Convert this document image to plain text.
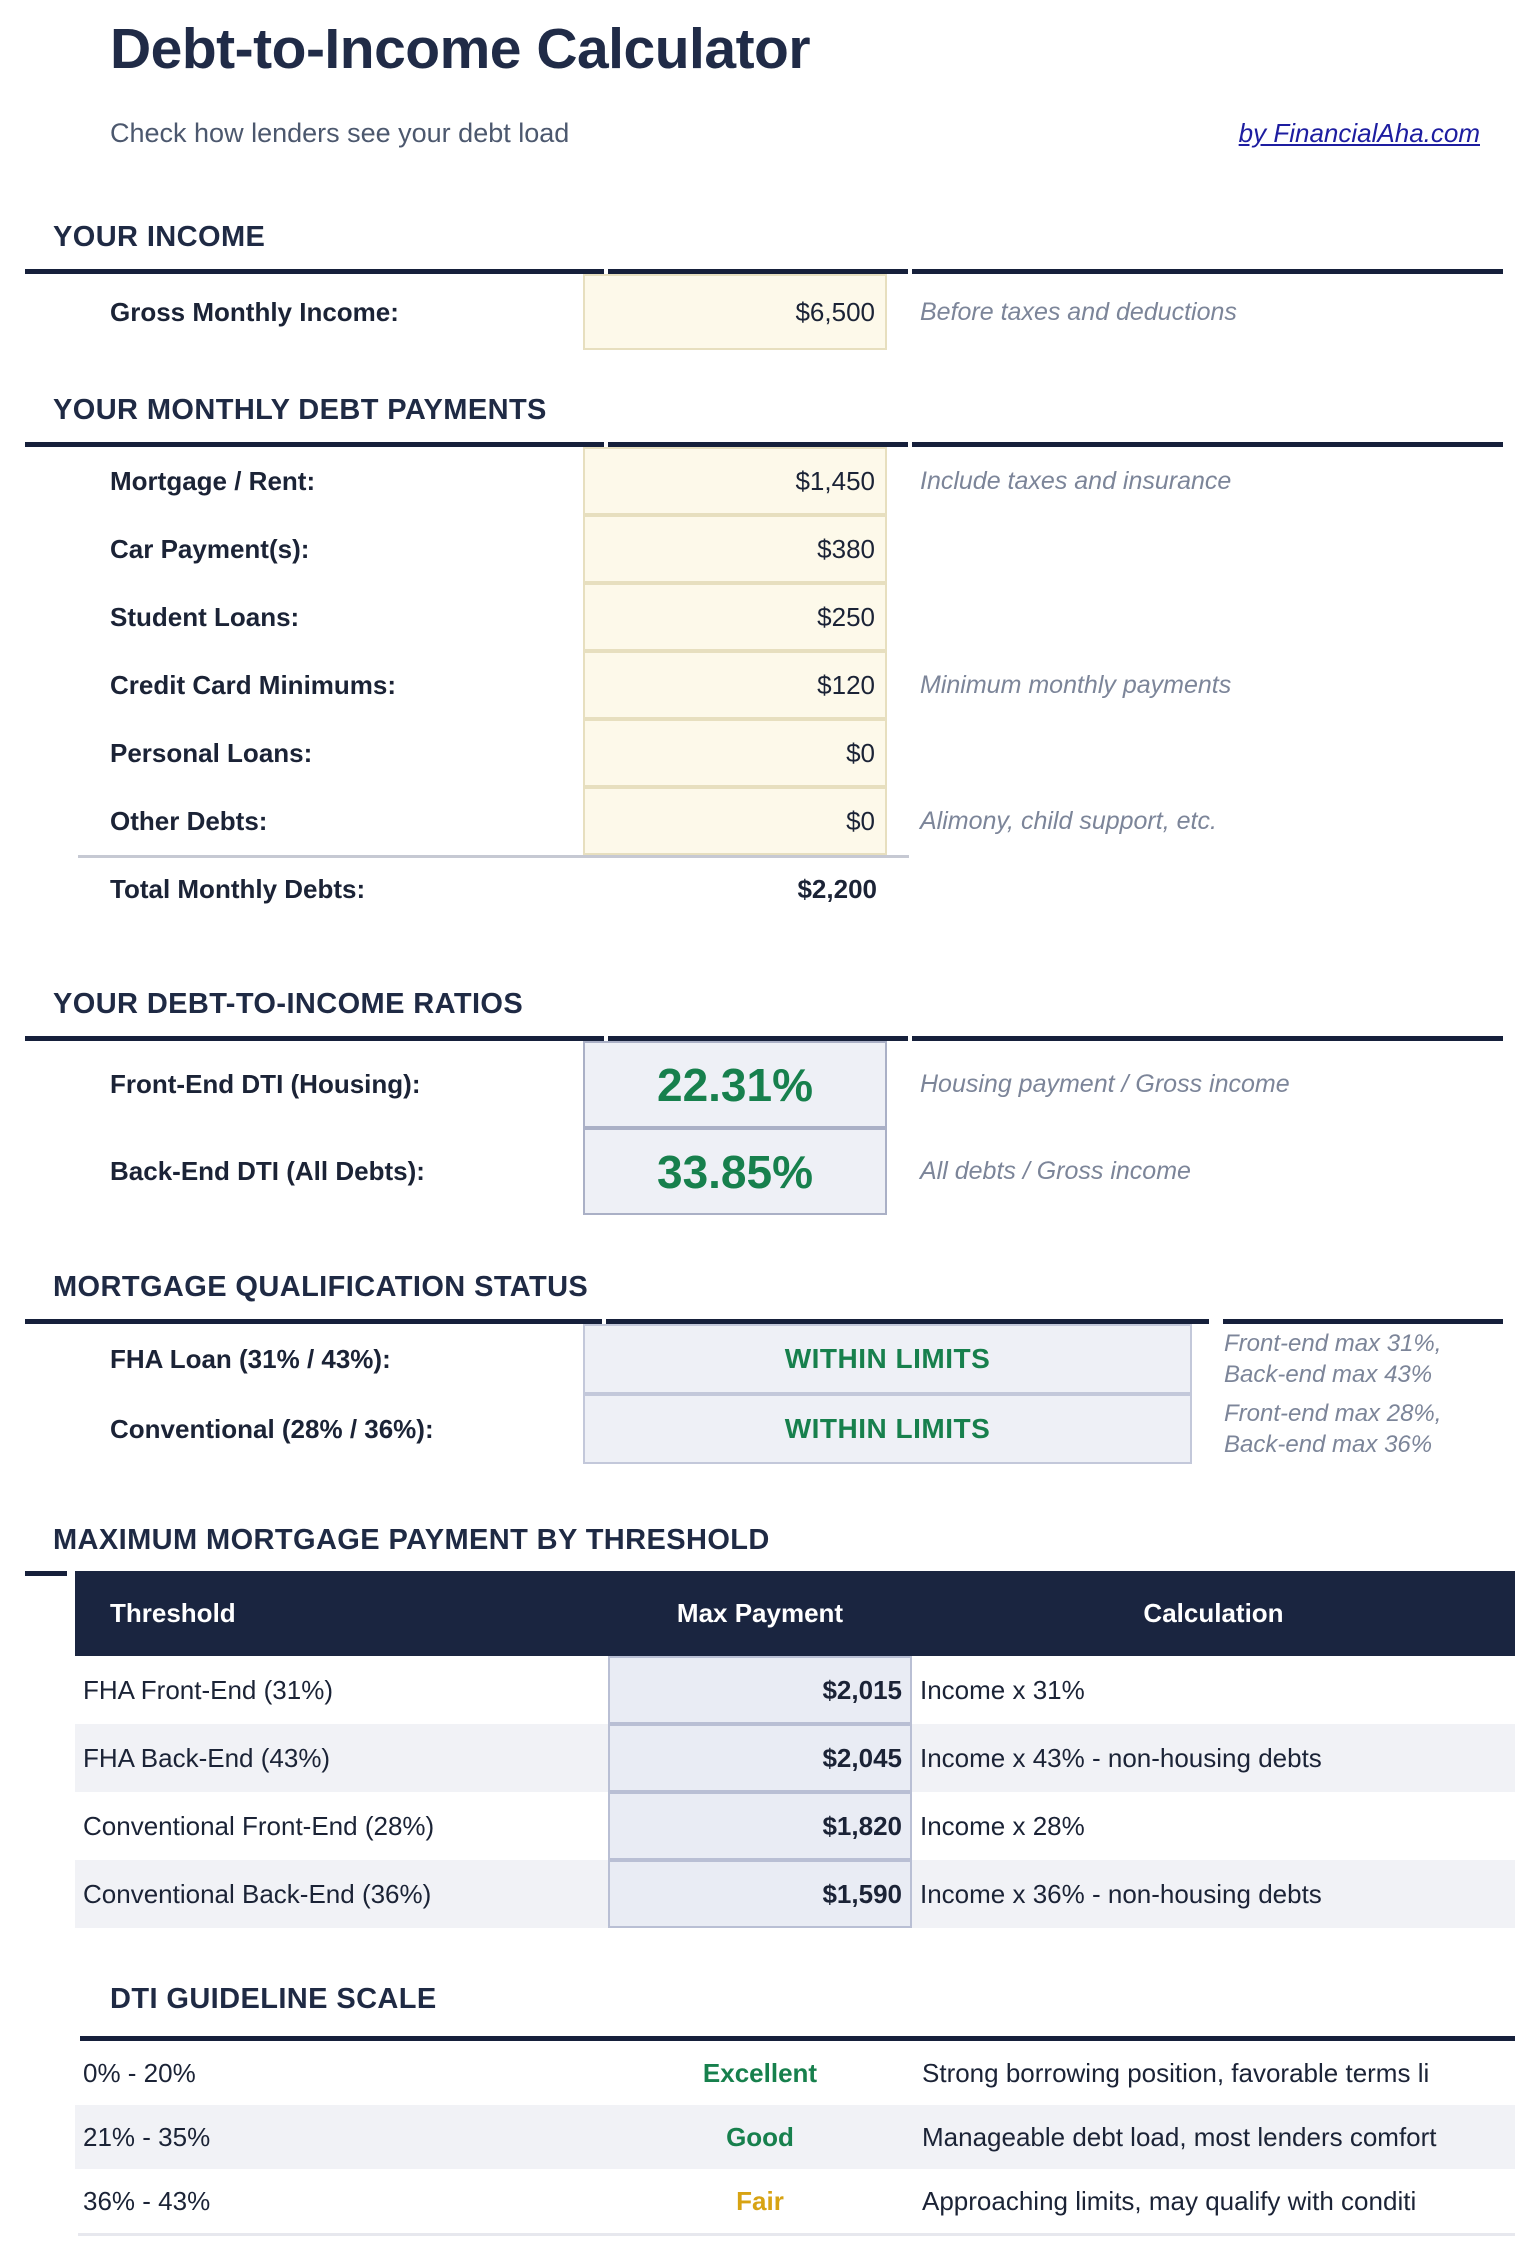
Debt-to-Income Calculator
Check how lenders see your debt load	by FinancialAha.com
YOUR INCOME
Gross Monthly Income:	$6,500	Before taxes and deductions
YOUR MONTHLY DEBT PAYMENTS
Mortgage / Rent:	$1,450	Include taxes and insurance
Car Payment(s):	$380
Student Loans:	$250
Credit Card Minimums:	$120	Minimum monthly payments
Personal Loans:	$0
Other Debts:	$0	Alimony, child support, etc.
Total Monthly Debts:	$2,200
YOUR DEBT-TO-INCOME RATIOS
Front-End DTI (Housing):	22.31%	Housing payment / Gross income
Back-End DTI (All Debts):	33.85%	All debts / Gross income
MORTGAGE QUALIFICATION STATUS
FHA Loan (31% / 43%):	WITHIN LIMITS	Front-end max 31%,
Back-end max 43%
Conventional (28% / 36%):	WITHIN LIMITS	Front-end max 28%,
Back-end max 36%
MAXIMUM MORTGAGE PAYMENT BY THRESHOLD
Threshold	Max Payment	Calculation
FHA Front-End (31%)	$2,015 Income x 31%
FHA Back-End (43%)	$2,045 Income x 43% - non-housing debts
Conventional Front-End (28%)	$1,820 Income x 28%
Conventional Back-End (36%)	$1,590 Income x 36% - non-housing debts
DTI GUIDELINE SCALE
0% - 20%	Excellent	Strong borrowing position, favorable terms li
21% - 35%	Good	Manageable debt load, most lenders comfort
36% - 43%	Fair	Approaching limits, may qualify with conditi
